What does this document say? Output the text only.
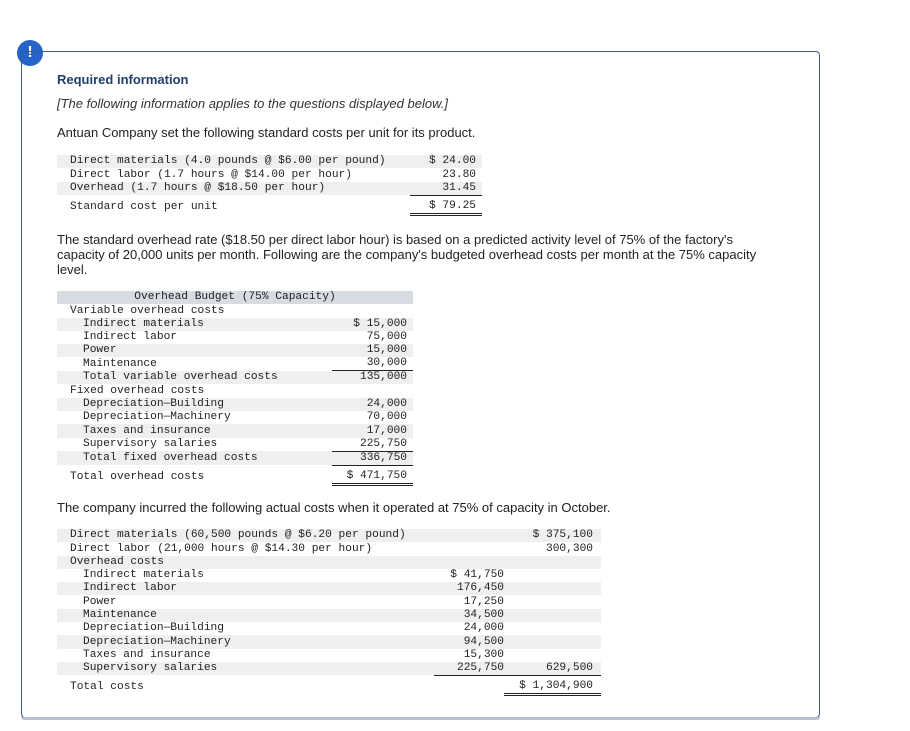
!
Required information
[The following information applies to the questions displayed below.]
Antuan Company set the following standard costs per unit for its product.
Direct materials (4.0 pounds @ $6.00 per pound)	$ 24.00
Direct labor (1.7 hours @ $14.00 per hour)	23.80
Overhead (1.7 hours @ $18.50 per hour)	31.45
Standard cost per unit	$ 79.25
The standard overhead rate ($18.50 per direct labor hour) is based on a predicted activity level of 75% of the factory's
capacity of 20,000 units per month. Following are the company's budgeted overhead costs per month at the 75% capacity
level.
Overhead Budget (75% Capacity)	
Variable overhead costs	
Indirect materials	$ 15,000
Indirect labor	75,000
Power	15,000
Maintenance	30,000
Total variable overhead costs	135,000
Fixed overhead costs	
Depreciation—Building	24,000
Depreciation—Machinery	70,000
Taxes and insurance	17,000
Supervisory salaries	225,750
Total fixed overhead costs	336,750
Total overhead costs	$ 471,750
The company incurred the following actual costs when it operated at 75% of capacity in October.
Direct materials (60,500 pounds @ $6.20 per pound)		$ 375,100
Direct labor (21,000 hours @ $14.30 per hour)		300,300
Overhead costs		
Indirect materials	$ 41,750	
Indirect labor	176,450	
Power	17,250	
Maintenance	34,500	
Depreciation—Building	24,000	
Depreciation—Machinery	94,500	
Taxes and insurance	15,300	
Supervisory salaries	225,750	629,500
Total costs		$ 1,304,900
